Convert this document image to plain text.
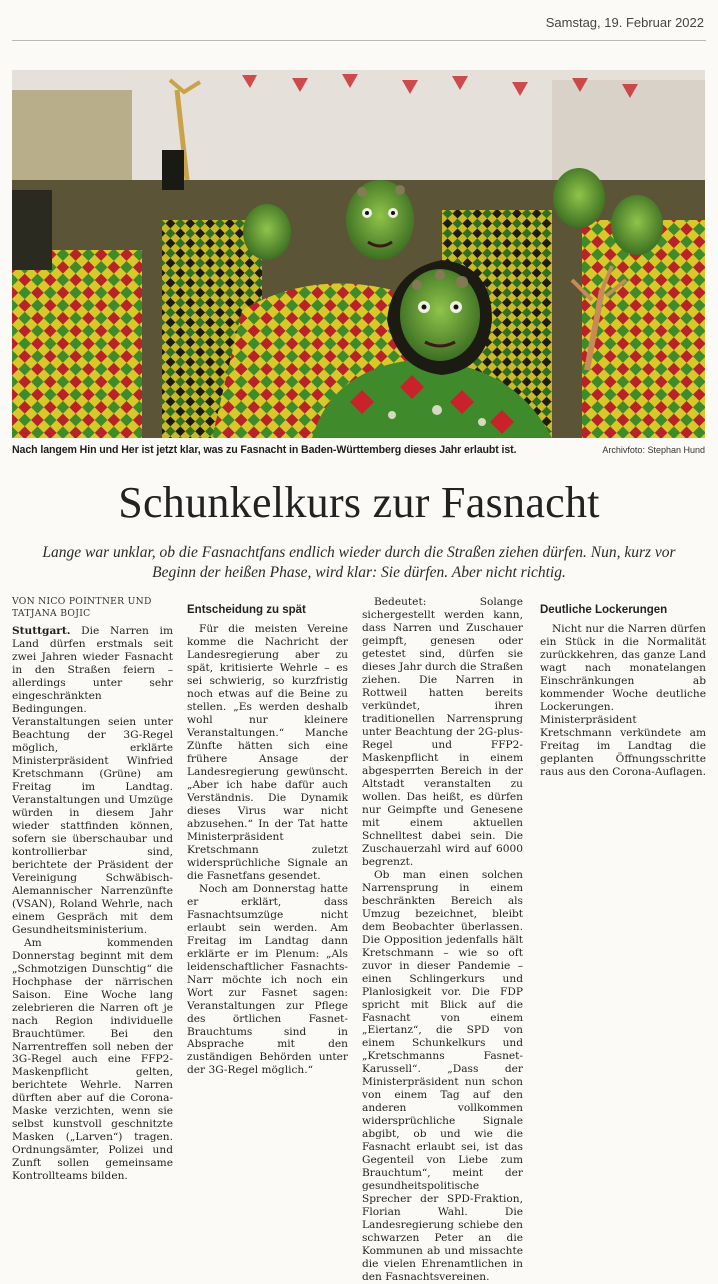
Samstag, 19. Februar 2022
Nach langem Hin und Her ist jetzt klar, was zu Fasnacht in Baden-Württemberg dieses Jahr erlaubt ist.	Archivfoto: Stephan Hund
Schunkelkurs zur Fasnacht
Lange war unklar, ob die Fasnachtfans endlich wieder durch die Straßen ziehen dürfen. Nun, kurz vor Beginn der heißen Phase, wird klar: Sie dürfen. Aber nicht richtig.
VON NICO POINTNER UND
TATJANA BOJIC

Stuttgart. Die Narren im Land dürfen erstmals seit zwei Jahren wieder Fasnacht in den Straßen feiern – allerdings unter sehr eingeschränkten Bedingungen. Veranstaltungen seien unter Beachtung der 3G-Regel möglich, erklärte Ministerpräsident Winfried Kretschmann (Grüne) am Freitag im Landtag. Veranstaltungen und Umzüge würden in diesem Jahr wieder stattfinden können, sofern sie überschaubar und kontrollierbar sind, berichtete der Präsident der Vereinigung Schwäbisch-Alemannischer Narrenzünfte (VSAN), Roland Wehrle, nach einem Gespräch mit dem Gesundheitsministerium.

Am kommenden Donnerstag beginnt mit dem „Schmotzigen Dunschtig“ die Hochphase der närrischen Saison. Eine Woche lang zelebrieren die Narren oft je nach Region individuelle Brauchtümer. Bei den Narrentreffen soll neben der 3G-Regel auch eine FFP2-Maskenpflicht gelten, berichtete Wehrle. Narren dürften aber auf die Corona-Maske verzichten, wenn sie selbst kunstvoll geschnitzte Masken („Larven“) tragen. Ordnungsämter, Polizei und Zunft sollen gemeinsame Kontrollteams bilden.

Entscheidung zu spät

Für die meisten Vereine komme die Nachricht der Landesregierung aber zu spät, kritisierte Wehrle – es sei schwierig, so kurzfristig noch etwas auf die Beine zu stellen. „Es werden deshalb wohl nur kleinere Veranstaltungen.“ Manche Zünfte hätten sich eine frühere Ansage der Landesregierung gewünscht. „Aber ich habe dafür auch Verständnis. Die Dynamik dieses Virus war nicht abzusehen.“ In der Tat hatte Ministerpräsident Kretschmann zuletzt widersprüchliche Signale an die Fasnetfans gesendet.

Noch am Donnerstag hatte er erklärt, dass Fasnachtsumzüge nicht erlaubt sein werden. Am Freitag im Landtag dann erklärte er im Plenum: „Als leidenschaftlicher Fasnachts-Narr möchte ich noch ein Wort zur Fasnet sagen: Veranstaltungen zur Pflege des örtlichen Fasnet-Brauchtums sind in Absprache mit den zuständigen Behörden unter der 3G-Regel möglich.“

Bedeutet: Solange sichergestellt werden kann, dass Narren und Zuschauer geimpft, genesen oder getestet sind, dürfen sie dieses Jahr durch die Straßen ziehen. Die Narren in Rottweil hatten bereits verkündet, ihren traditionellen Narrensprung unter Beachtung der 2G-plus-Regel und FFP2-Maskenpflicht in einem abgesperrten Bereich in der Altstadt veranstalten zu wollen. Das heißt, es dürfen nur Geimpfte und Genesene mit einem aktuellen Schnelltest dabei sein. Die Zuschauerzahl wird auf 6000 begrenzt.

Ob man einen solchen Narrensprung in einem beschränkten Bereich als Umzug bezeichnet, bleibt dem Beobachter überlassen. Die Opposition jedenfalls hält Kretschmann – wie so oft zuvor in dieser Pandemie – einen Schlingerkurs und Planlosigkeit vor. Die FDP spricht mit Blick auf die Fasnacht von einem „Eiertanz“, die SPD von einem Schunkelkurs und „Kretschmanns Fasnet-Karussell“. „Dass der Ministerpräsident nun schon von einem Tag auf den anderen vollkommen widersprüchliche Signale abgibt, ob und wie die Fasnacht erlaubt sei, ist das Gegenteil von Liebe zum Brauchtum“, meint der gesundheitspolitische Sprecher der SPD-Fraktion, Florian Wahl. Die Landesregierung schiebe den schwarzen Peter an die Kommunen ab und missachte die vielen Ehrenamtlichen in den Fasnachtsvereinen.

Deutliche Lockerungen

Nicht nur die Narren dürfen ein Stück in die Normalität zurückkehren, das ganze Land wagt nach monatelangen Einschränkungen ab kommender Woche deutliche Lockerungen. Ministerpräsident Kretschmann verkündete am Freitag im Landtag die geplanten Öffnungsschritte raus aus den Corona-Auflagen.
